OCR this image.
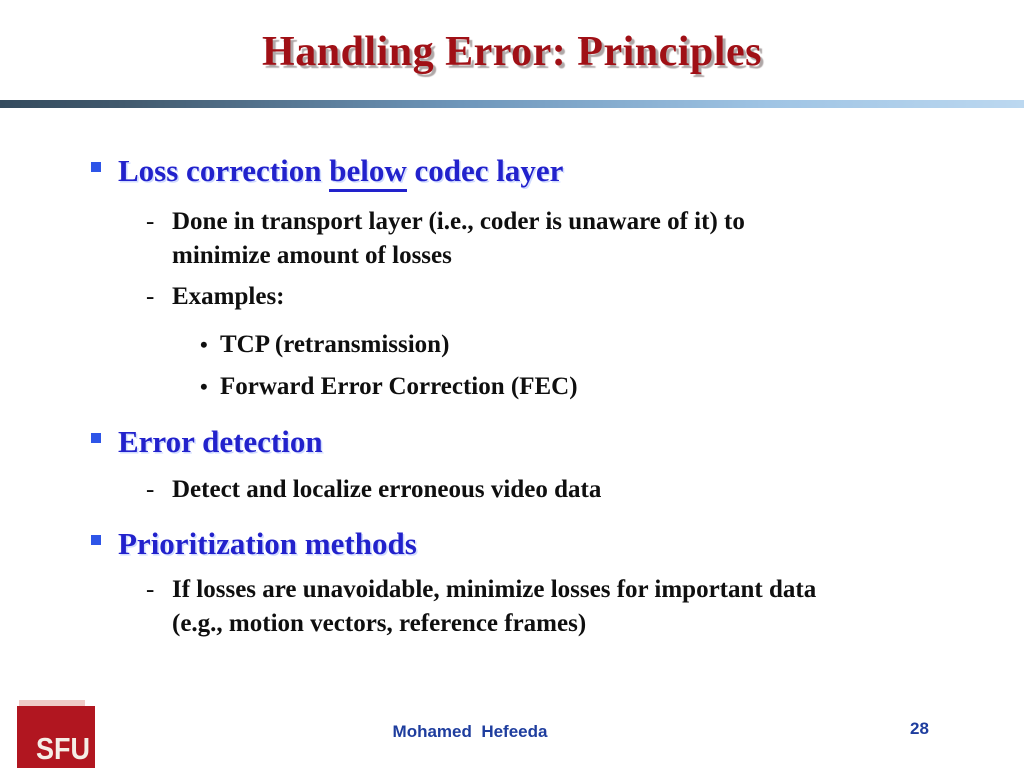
Handling Error: Principles
Loss correction below codec layer
- Done in transport layer (i.e., coder is unaware of it) to
minimize amount of losses
- Examples:
• TCP (retransmission)
• Forward Error Correction (FEC)
Error detection
- Detect and localize erroneous video data
Prioritization methods
- If losses are unavoidable, minimize losses for important data
(e.g., motion vectors, reference frames)
Mohamed  Hefeeda	28
SFU
